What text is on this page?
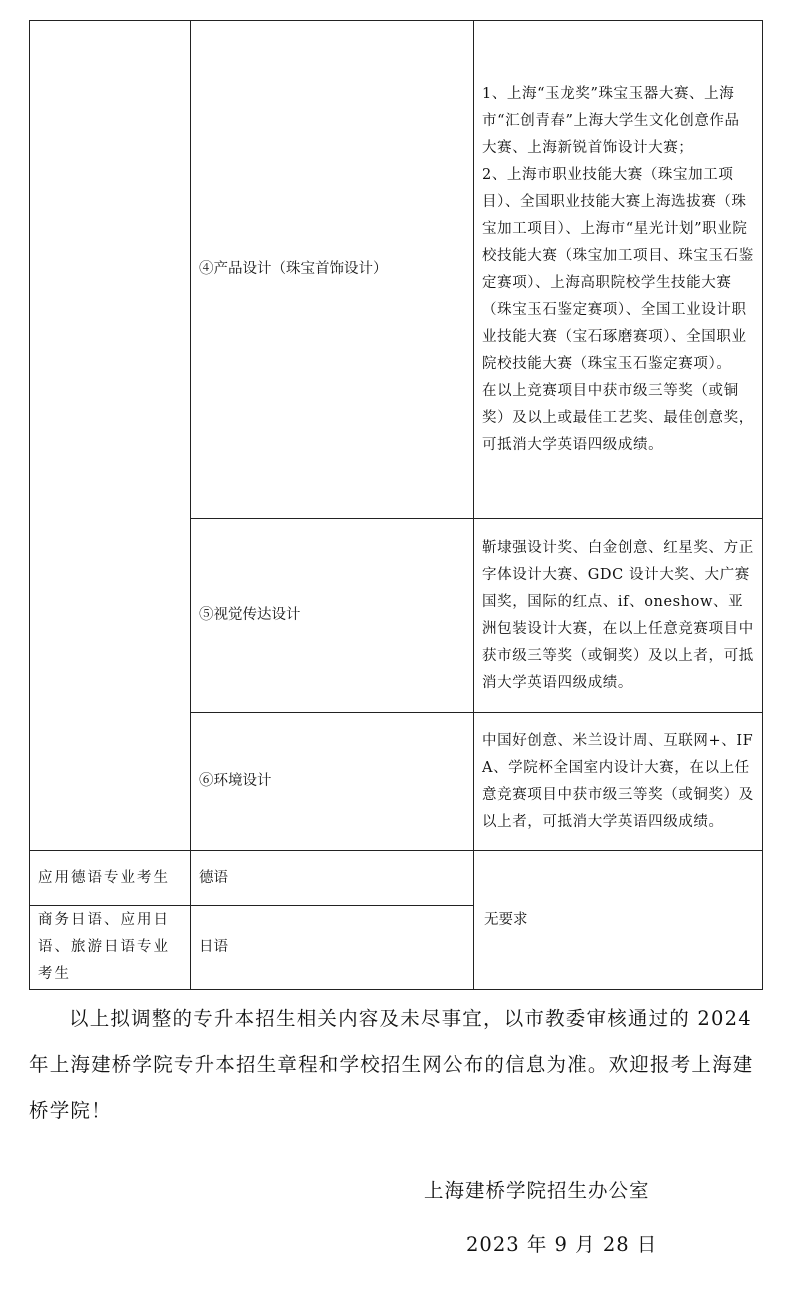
	④产品设计（珠宝首饰设计）	1、上海“玉龙奖”珠宝玉器大赛、上海市“汇创青春”上海大学生文化创意作品大赛、上海新锐首饰设计大赛；

2、上海市职业技能大赛（珠宝加工项目）、全国职业技能大赛上海选拔赛（珠宝加工项目）、上海市“星光计划”职业院校技能大赛（珠宝加工项目、珠宝玉石鉴定赛项）、上海高职院校学生技能大赛（珠宝玉石鉴定赛项）、全国工业设计职业技能大赛（宝石琢磨赛项）、全国职业院校技能大赛（珠宝玉石鉴定赛项）。

在以上竞赛项目中获市级三等奖（或铜奖）及以上或最佳工艺奖、最佳创意奖，可抵消大学英语四级成绩。

	⑤视觉传达设计	靳埭强设计奖、白金创意、红星奖、方正字体设计大赛、GDC 设计大奖、大广赛国奖，国际的红点、if、oneshow、亚洲包装设计大赛，在以上任意竞赛项目中获市级三等奖（或铜奖）及以上者，可抵消大学英语四级成绩。

	⑥环境设计	中国好创意、米兰设计周、互联网+、IFA、学院杯全国室内设计大赛，在以上任意竞赛项目中获市级三等奖（或铜奖）及以上者，可抵消大学英语四级成绩。

应用德语专业考生	德语	无要求
商务日语、应用日语、旅游日语专业考生	日语	
以上拟调整的专升本招生相关内容及未尽事宜，以市教委审核通过的 2024 年上海建桥学院专升本招生章程和学校招生网公布的信息为准。欢迎报考上海建桥学院！
上海建桥学院招生办公室
2023 年 9 月 28 日
